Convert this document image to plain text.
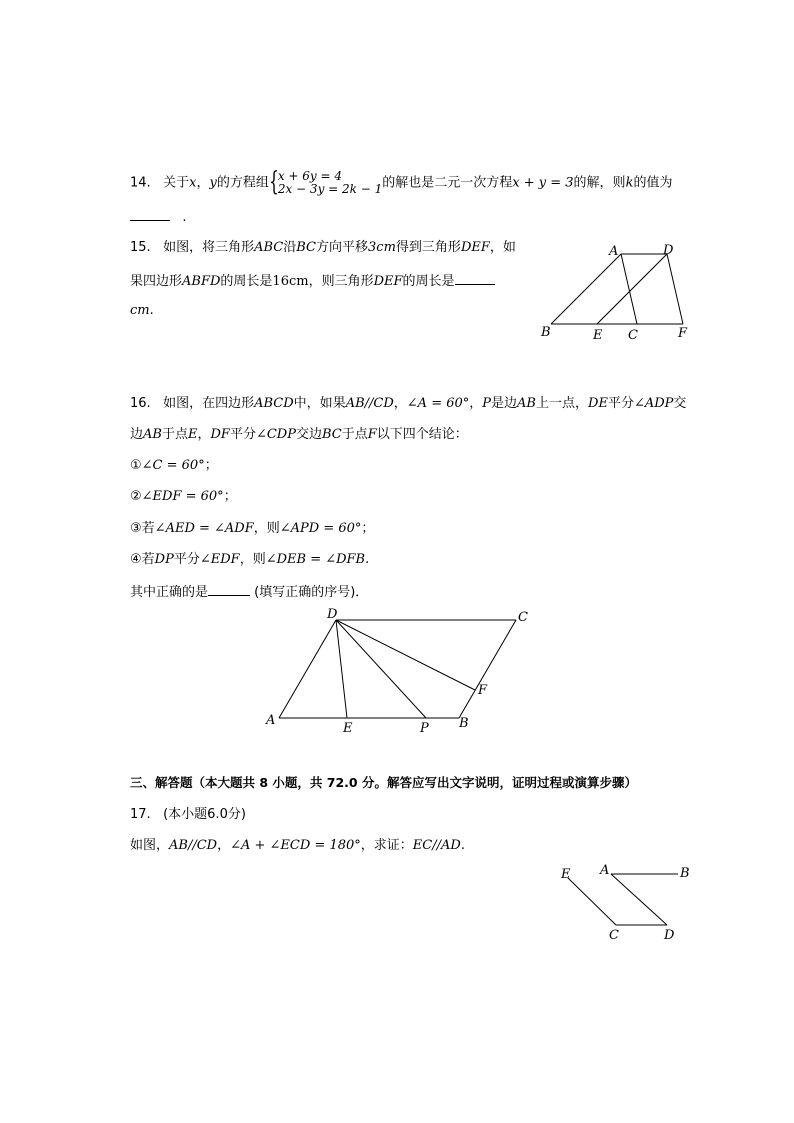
14. 关于x，y的方程组 { x + 6y = 4
2x − 3y = 2k − 1的解也是二元一次方程x + y = 3的解，则k的值为
.
15. 如图，将三角形ABC沿BC方向平移3cm得到三角形DEF，如
果四边形ABFD的周长是16cm，则三角形DEF的周长是
cm.
A	D
B	E C	F
16. 如图，在四边形ABCD中，如果AB//CD，∠A = 60°，P是边AB上一点，DE平分∠ADP交
边AB于点E，DF平分∠CDP交边BC于点F以下四个结论：
①∠C = 60°；
②∠EDF = 60°；
③若∠AED = ∠ADF，则∠APD = 60°；
④若DP平分∠EDF，则∠DEB = ∠DFB.
其中正确的是	(填写正确的序号)．
D	C
F
A
E	P B
三、解答题（本大题共 8 小题，共 72.0 分。解答应写出文字说明，证明过程或演算步骤）
17. (本小题6.0分)
如图，AB//CD，∠A + ∠ECD = 180°，求证：EC//AD.
E A	B
C	D
